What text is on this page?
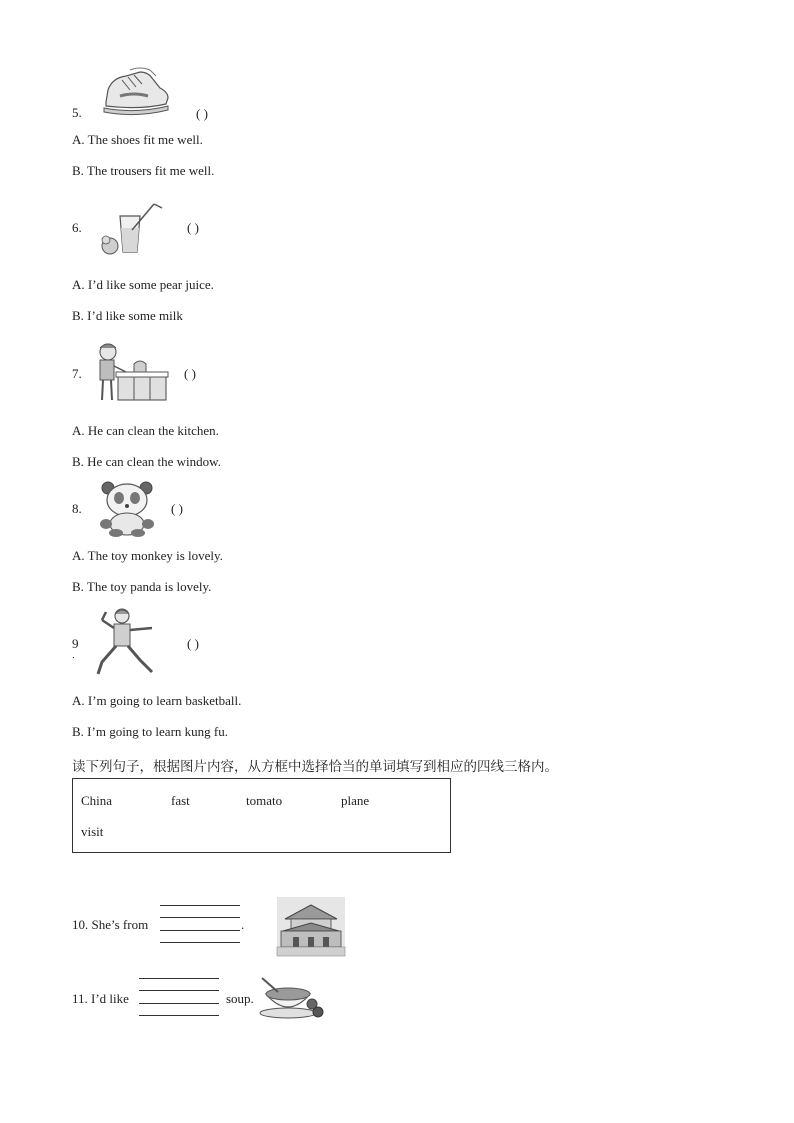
5.	( )
A. The shoes fit me well.
B. The trousers fit me well.
6.	( )
A. I’d like some pear juice.
B. I’d like some milk
7.	( )
A. He can clean the kitchen.
B. He can clean the window.
8.	( )
A. The toy monkey is lovely.
B. The toy panda is lovely.
9
．
( )
A. I’m going to learn basketball.
B. I’m going to learn kung fu.
读下列句子，根据图片内容，从方框中选择恰当的单词填写到相应的四线三格内。
China	fast	tomato	plane
visit
10. She’s from	.
11. I’d like	soup.
